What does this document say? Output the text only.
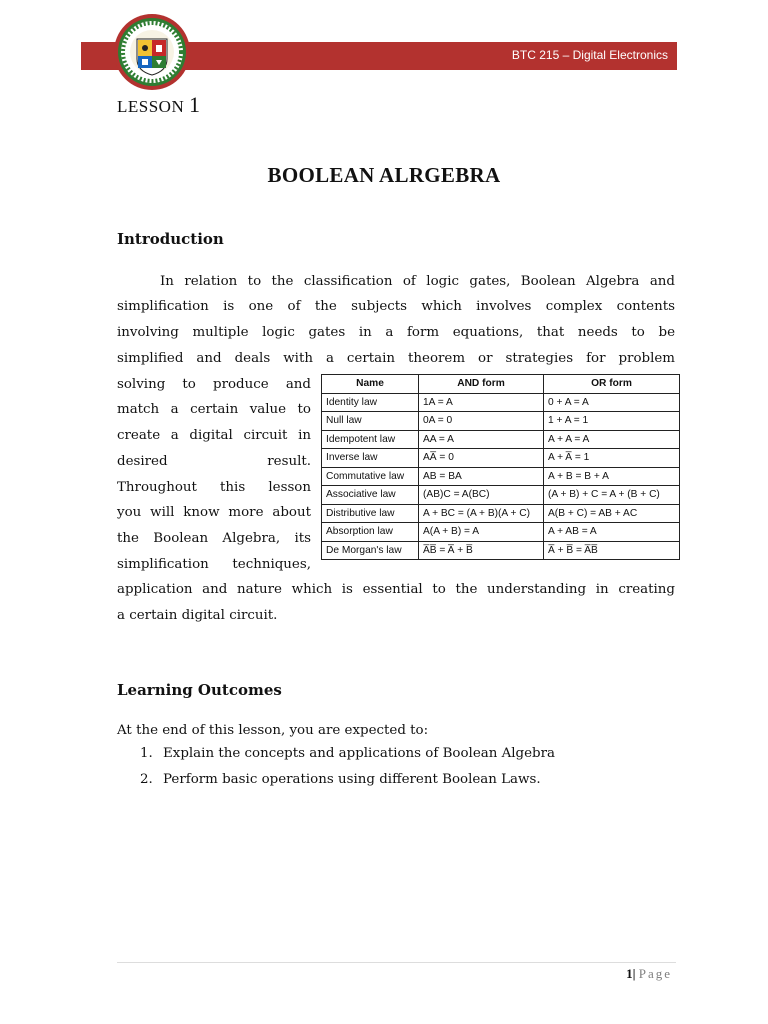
BTC 215 – Digital Electronics
LESSON 1
BOOLEAN ALRGEBRA
Introduction
In relation to the classification of logic gates, Boolean Algebra and
simplification is one of the subjects which involves complex contents
involving multiple logic gates in a form equations, that needs to be
simplified and deals with a certain theorem or strategies for problem
solving to produce and
match a certain value to
create a digital circuit in
desired result.
Throughout this lesson
you will know more about
the Boolean Algebra, its
simplification techniques,
application and nature which is essential to the understanding in creating
a certain digital circuit.
Name	AND form	OR form
Identity law	1A = A	0 + A = A
Null law	0A = 0	1 + A = 1
Idempotent law	AA = A	A + A = A
Inverse law	AA̅ = 0	A + A̅ = 1
Commutative law	AB = BA	A + B = B + A
Associative law	(AB)C = A(BC)	(A + B) + C = A + (B + C)
Distributive law	A + BC = (A + B)(A + C)	A(B + C) = AB + AC
Absorption law	A(A + B) = A	A + AB = A
De Morgan's law	A̅B̅ = A̅ + B̅	A̅ + B̅ = A̅B̅
Learning Outcomes
At the end of this lesson, you are expected to:
1. Explain the concepts and applications of Boolean Algebra
2. Perform basic operations using different Boolean Laws.
1| Page
